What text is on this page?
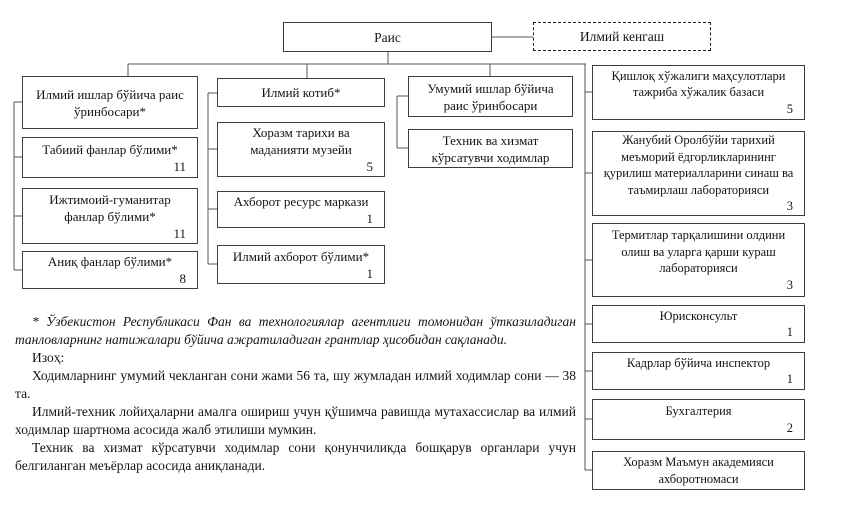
Раис	Илмий кенгаш
Илмий ишлар бўйича раис ўринбосари*
Табиий фанлар бўлими*
11
Ижтимоий-гуманитар фанлар бўлими*
11
Аниқ фанлар бўлими*
8
Илмий котиб*
Хоразм тарихи ва маданияти музейи
5
Ахборот ресурс маркази
1
Илмий ахборот бўлими*
1
Умумий ишлар бўйича раис ўринбосари
Техник ва хизмат кўрсатувчи ходимлар
Қишлоқ хўжалиги маҳсулотлари тажриба хўжалик базаси
5
Жанубий Оролбўйи тарихий меъморий ёдгорликларининг қурилиш материалларини синаш ва таъмирлаш лабораторияси
3
Термитлар тарқалишини олдини олиш ва уларга қарши кураш лабораторияси
3
Юрисконсульт
1
Кадрлар бўйича инспектор
1
Бухгалтерия
2
Хоразм Маъмун академияси ахборотномаси

* Ўзбекистон Республикаси Фан ва технологиялар агентлиги томонидан ўтказиладиган танловларнинг натижалари бўйича ажратиладиган грантлар ҳисобидан сақланади.

Изоҳ:

Ходимларнинг умумий чекланган сони жами 56 та, шу жумладан илмий ходимлар сони — 38 та.

Илмий-техник лойиҳаларни амалга ошириш учун қўшимча равишда мутахассислар ва илмий ходимлар шартнома асосида жалб этилиши мумкин.

Техник ва хизмат кўрсатувчи ходимлар сони қонунчиликда бошқарув органлари учун белгиланган меъёрлар асосида аниқланади.
